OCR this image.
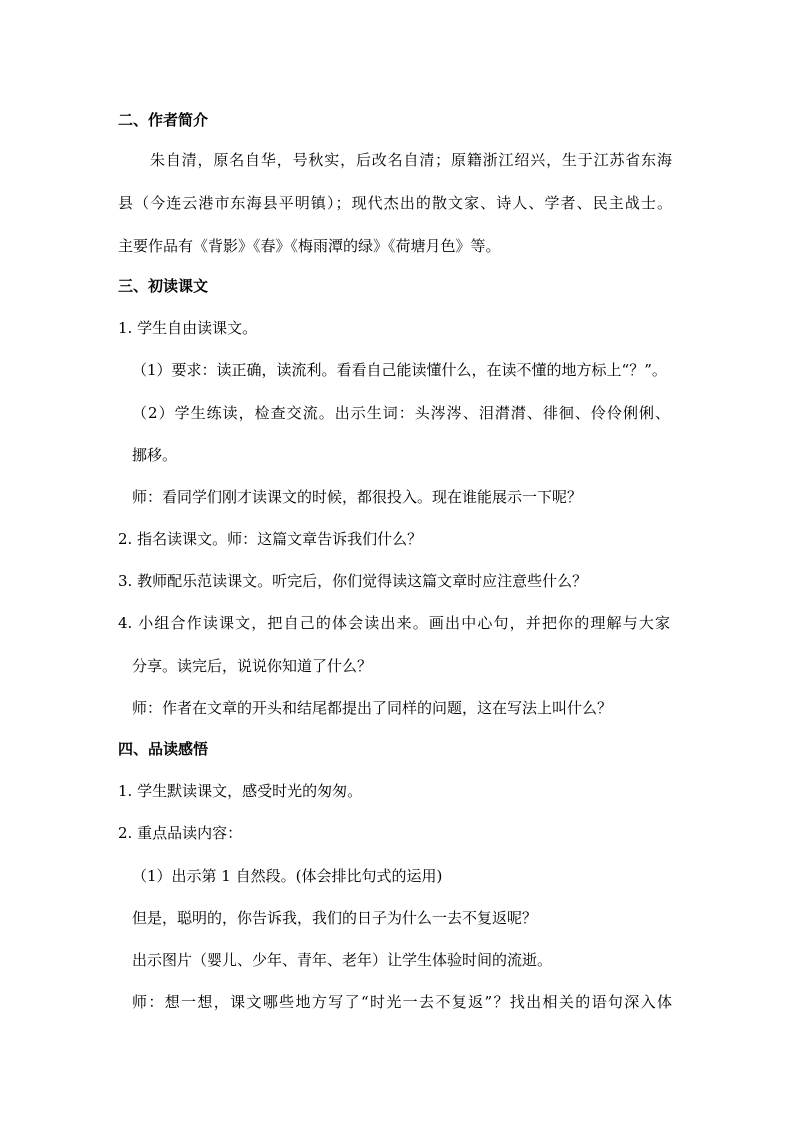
二、作者简介
朱自清，原名自华，号秋实，后改名自清；原籍浙江绍兴，生于江苏省东海
县（今连云港市东海县平明镇）；现代杰出的散文家、诗人、学者、民主战士。
主要作品有《背影》《春》《梅雨潭的绿》《荷塘月色》等。
三、初读课文
1. 学生自由读课文。
（1）要求：读正确，读流利。看看自己能读懂什么，在读不懂的地方标上“？”。
（2）学生练读，检查交流。出示生词：头涔涔、泪潸潸、徘徊、伶伶俐俐、
挪移。
师：看同学们刚才读课文的时候，都很投入。现在谁能展示一下呢？
2. 指名读课文。师：这篇文章告诉我们什么？
3. 教师配乐范读课文。听完后，你们觉得读这篇文章时应注意些什么？
4. 小组合作读课文，把自己的体会读出来。画出中心句，并把你的理解与大家
分享。读完后，说说你知道了什么？
师：作者在文章的开头和结尾都提出了同样的问题，这在写法上叫什么？
四、品读感悟
1. 学生默读课文，感受时光的匆匆。
2. 重点品读内容：
（1）出示第 1 自然段。(体会排比句式的运用)
但是，聪明的，你告诉我，我们的日子为什么一去不复返呢？
出示图片（婴儿、少年、青年、老年）让学生体验时间的流逝。
师：想一想，课文哪些地方写了“时光一去不复返”？找出相关的语句深入体
